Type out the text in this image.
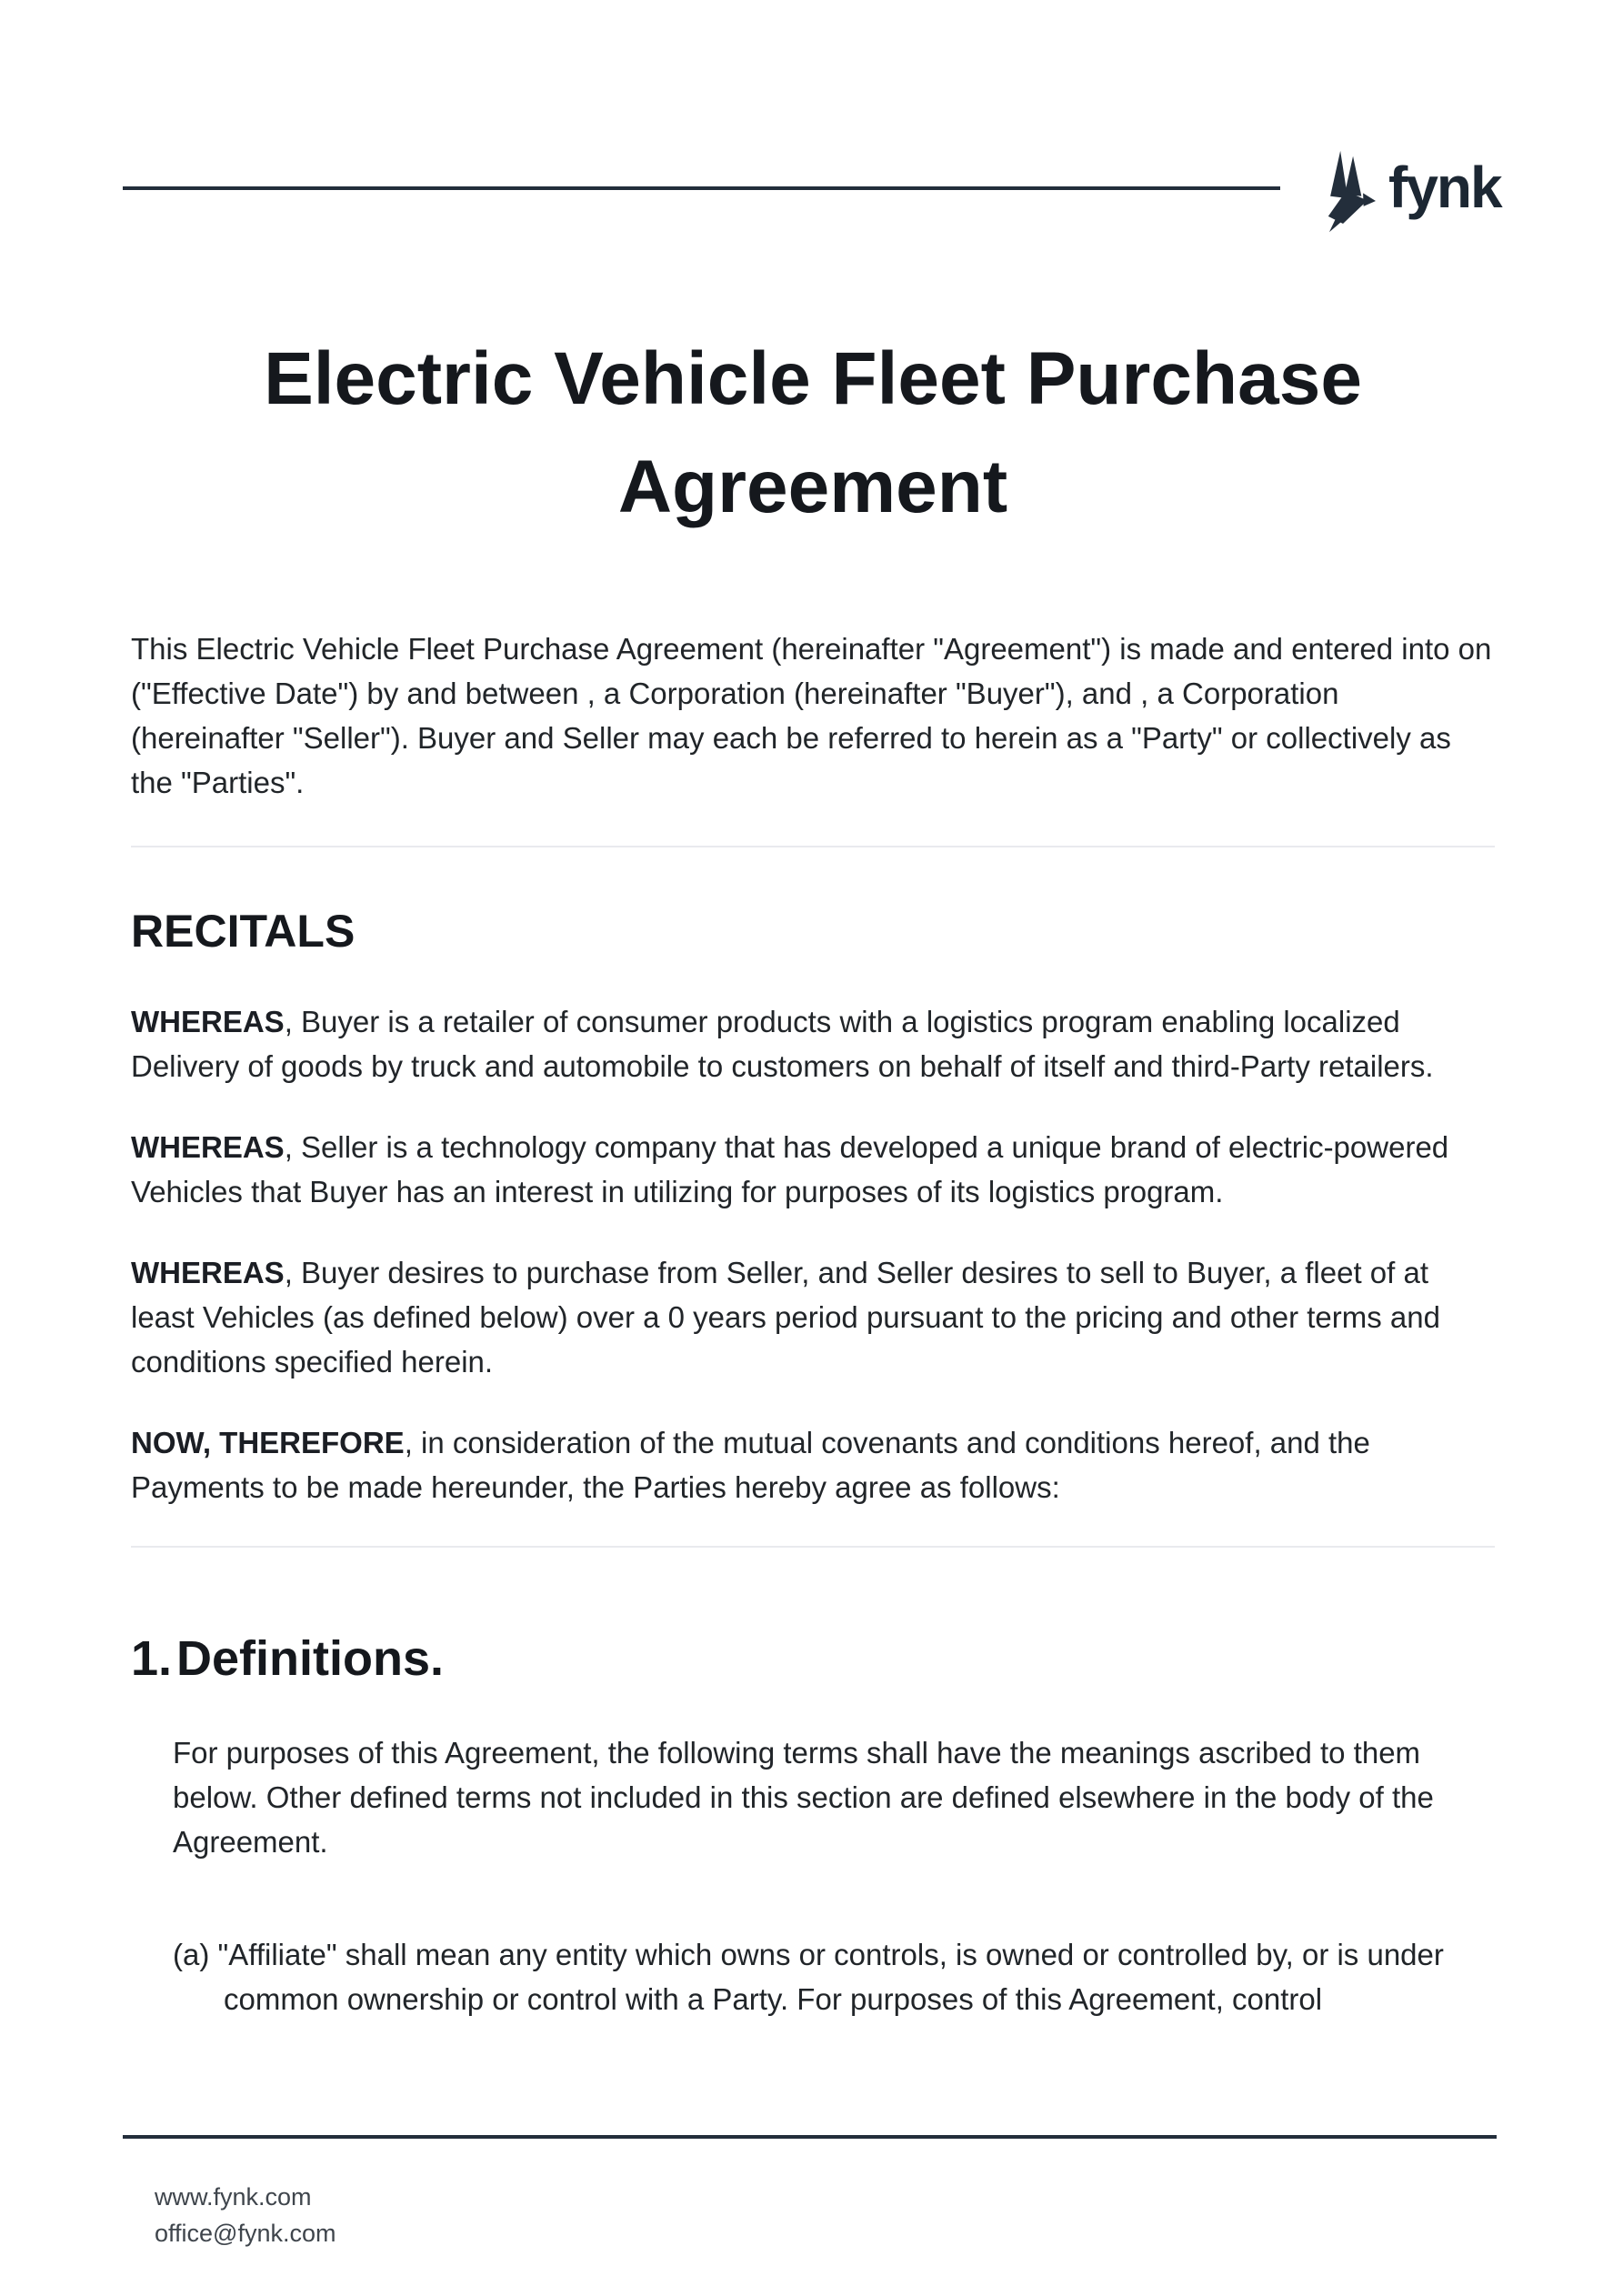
fynk
Electric Vehicle Fleet Purchase Agreement

This Electric Vehicle Fleet Purchase Agreement (hereinafter "Agreement") is made and entered into on ("Effective Date") by and between , a Corporation (hereinafter "Buyer"), and , a Corporation (hereinafter "Seller"). Buyer and Seller may each be referred to herein as a "Party" or collectively as the "Parties".

RECITALS

WHEREAS, Buyer is a retailer of consumer products with a logistics program enabling localized Delivery of goods by truck and automobile to customers on behalf of itself and third-Party retailers.

WHEREAS, Seller is a technology company that has developed a unique brand of electric-powered Vehicles that Buyer has an interest in utilizing for purposes of its logistics program.

WHEREAS, Buyer desires to purchase from Seller, and Seller desires to sell to Buyer, a fleet of at least Vehicles (as defined below) over a 0 years period pursuant to the pricing and other terms and conditions specified herein.

NOW, THEREFORE, in consideration of the mutual covenants and conditions hereof, and the Payments to be made hereunder, the Parties hereby agree as follows:

1. Definitions.

For purposes of this Agreement, the following terms shall have the meanings ascribed to them below. Other defined terms not included in this section are defined elsewhere in the body of the Agreement.

(a) "Affiliate" shall mean any entity which owns or controls, is owned or controlled by, or is under common ownership or control with a Party. For purposes of this Agreement, control

www.fynk.com
office@fynk.com
